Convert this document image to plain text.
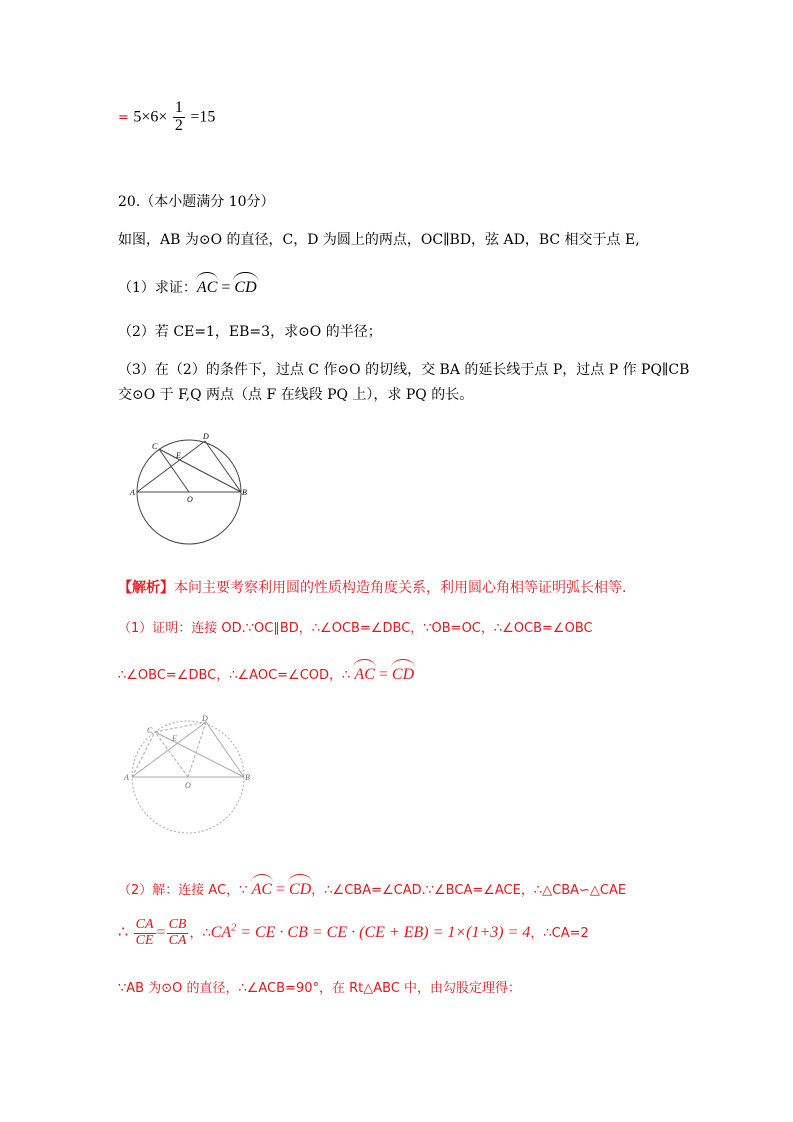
= $5\times 6\times \frac{1}{2} =15$
20.（本小题满分 10分）
如图，AB 为⊙O 的直径，C，D 为圆上的两点，OC∥BD，弦 AD，BC 相交于点 E,
（1）求证：AC = CD
（2）若 CE=1，EB=3，求⊙O 的半径；
（3）在（2）的条件下，过点 C 作⊙O 的切线，交 BA 的延长线于点 P，过点 P 作 PQ∥CB
交⊙O 于 F,Q 两点（点 F 在线段 PQ 上），求 PQ 的长。
A	B
C
D
E
O
【解析】本问主要考察利用圆的性质构造角度关系，利用圆心角相等证明弧长相等.
（1）证明：连接 OD.∵OC∥BD，∴∠OCB=∠DBC，∵OB=OC，∴∠OCB=∠OBC
∴∠OBC=∠DBC，∴∠AOC=∠COD，∴ AC = CD
A	B
C
D
E
O
（2）解：连接 AC，∵ AC = CD，∴∠CBA=∠CAD.∵∠BCA=∠ACE，∴△CBA∽△CAE
∴ $\frac{CA}{CE} = \frac{CB}{CA}$ ，$\therefore CA^2$ = CE · CB = CE · (CE + EB) = 1×(1+3) = 4，∴CA=2
∵AB 为⊙O 的直径，∴∠ACB=90°，在 Rt△ABC 中，由勾股定理得：
